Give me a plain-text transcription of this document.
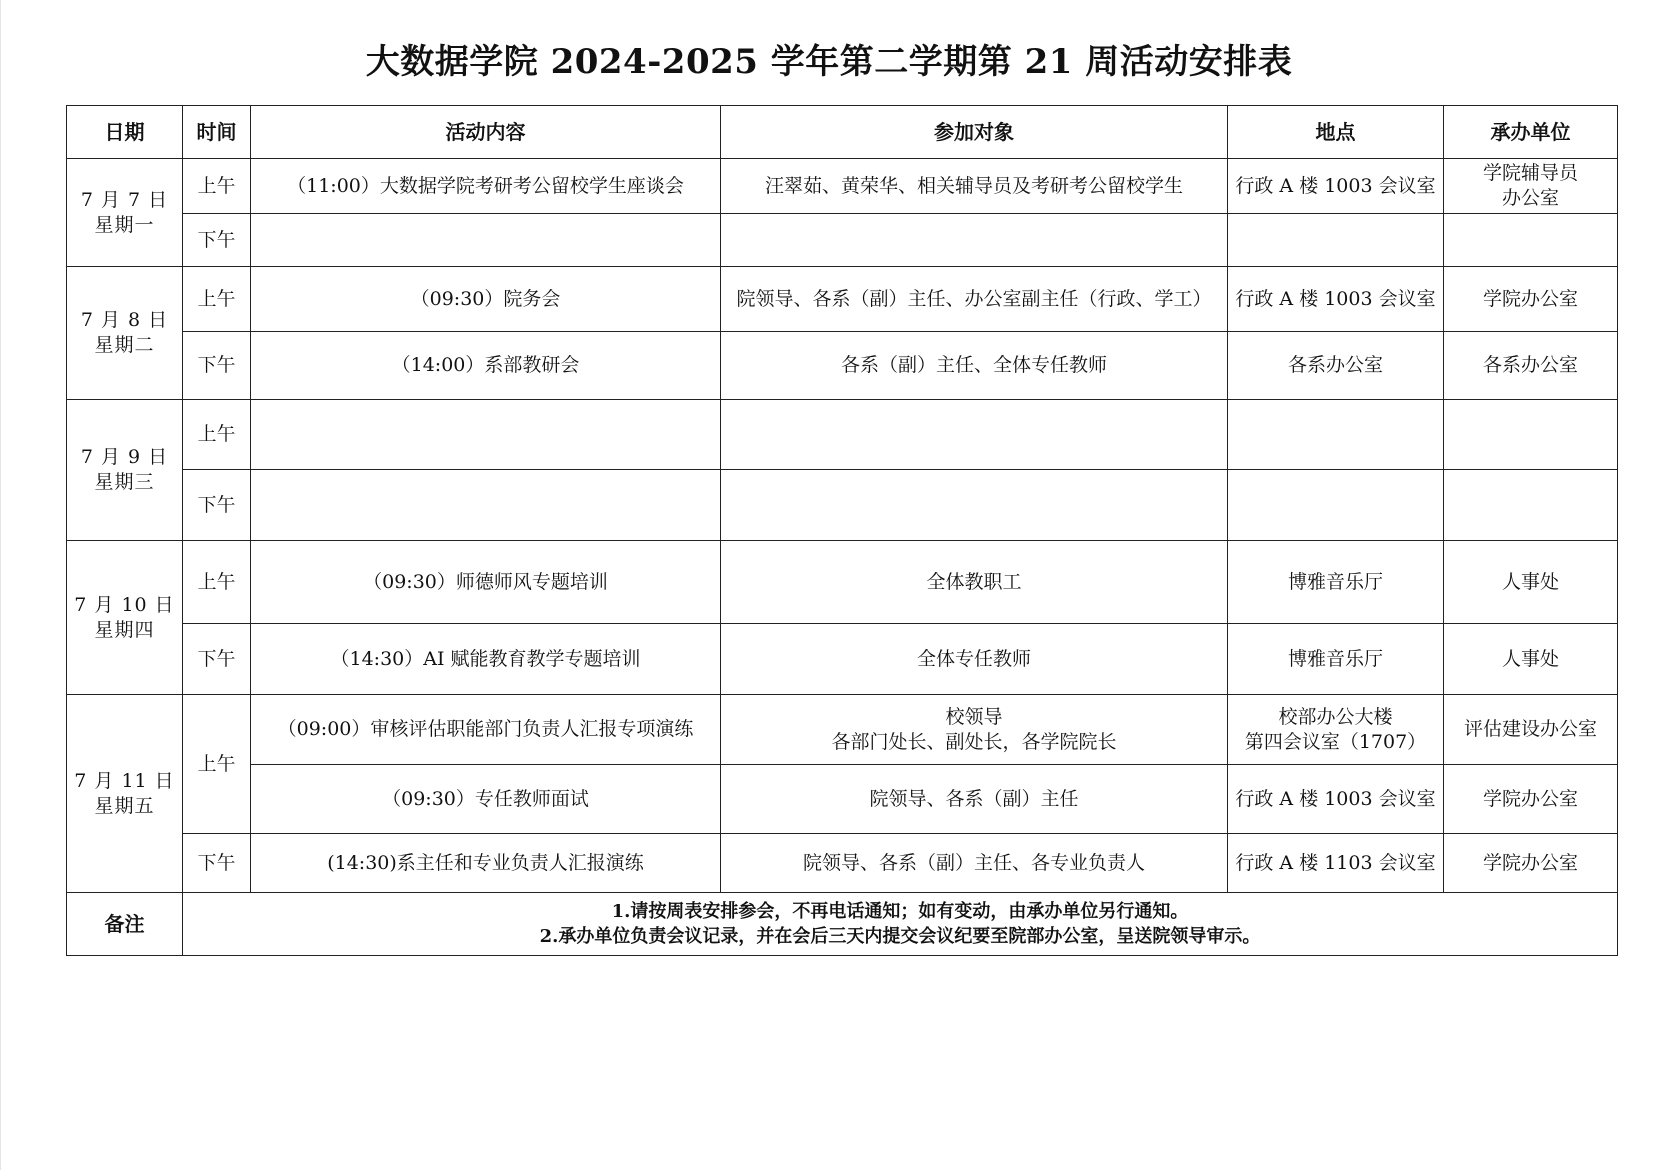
大数据学院 2024-2025 学年第二学期第 21 周活动安排表
日期	时间	活动内容	参加对象	地点	承办单位

7 月 7 日
星期一	上午	（11:00）大数据学院考研考公留校学生座谈会	汪翠茹、黄荣华、相关辅导员及考研考公留校学生	行政 A 楼 1003 会议室	学院辅导员
办公室

	下午				

7 月 8 日
星期二	上午	（09:30）院务会	院领导、各系（副）主任、办公室副主任（行政、学工）	行政 A 楼 1003 会议室	学院办公室
	下午	（14:00）系部教研会	各系（副）主任、全体专任教师	各系办公室	各系办公室

7 月 9 日
星期三	上午				
	下午				

7 月 10 日
星期四	上午	（09:30）师德师风专题培训	全体教职工	博雅音乐厅	人事处
	下午	（14:30）AI 赋能教育教学专题培训	全体专任教师	博雅音乐厅	人事处

7 月 11 日
星期五	上午	（09:00）审核评估职能部门负责人汇报专项演练	校领导
各部门处长、副处长，各学院院长	校部办公大楼
第四会议室（1707）	评估建设办公室
		（09:30）专任教师面试	院领导、各系（副）主任	行政 A 楼 1003 会议室	学院办公室
	下午	(14:30)系主任和专业负责人汇报演练	院领导、各系（副）主任、各专业负责人	行政 A 楼 1103 会议室	学院办公室
备注	1.请按周表安排参会，不再电话通知；如有变动，由承办单位另行通知。
2.承办单位负责会议记录，并在会后三天内提交会议纪要至院部办公室，呈送院领导审示。				
